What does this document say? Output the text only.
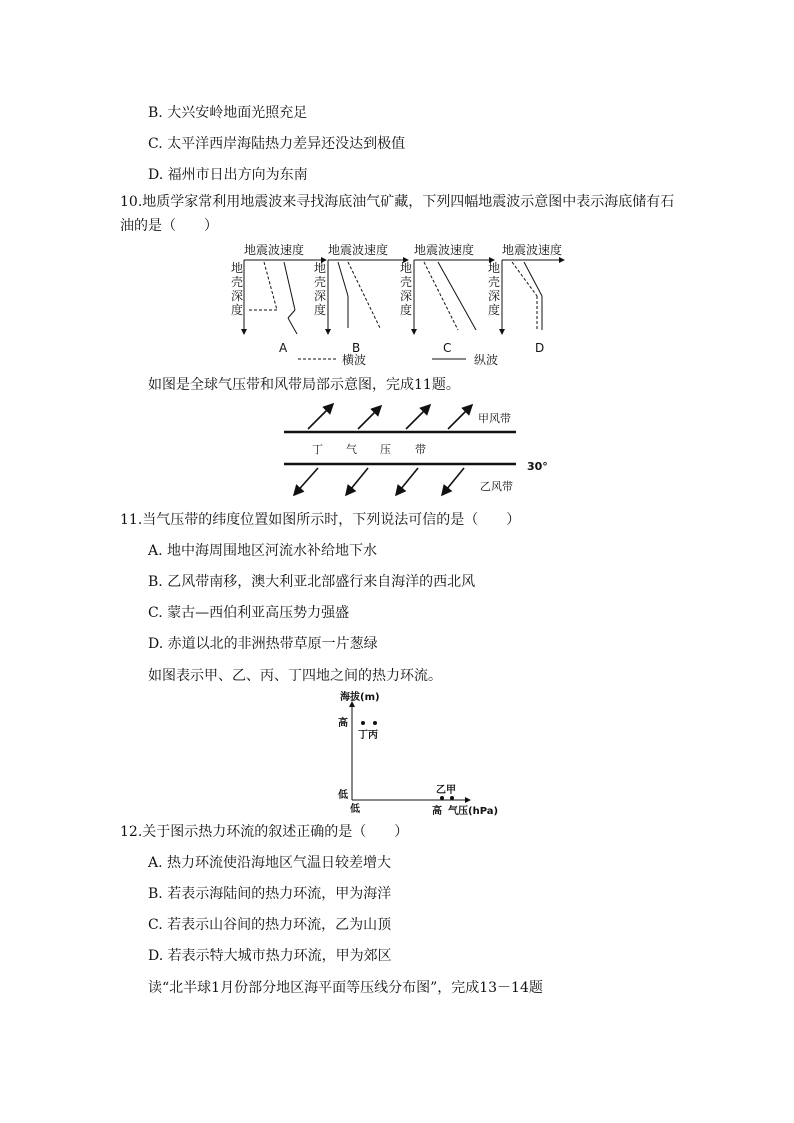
B. 大兴安岭地面光照充足
C. 太平洋西岸海陆热力差异还没达到极值
D. 福州市日出方向为东南
10.地质学家常利用地震波来寻找海底油气矿藏，下列四幅地震波示意图中表示海底储有石油的是（　　）
地震波速度
地
壳
深
度
A
地震波速度
地
壳
深
度
B
地震波速度
地
壳
深
度
C
地震波速度
地
壳
深
度
D
横波	纵波
如图是全球气压带和风带局部示意图，完成11题。
甲风带
丁 气 压 带
30°
乙风带
11.当气压带的纬度位置如图所示时，下列说法可信的是（　　）
A. 地中海周围地区河流水补给地下水
B. 乙风带南移，澳大利亚北部盛行来自海洋的西北风
C. 蒙古—西伯利亚高压势力强盛
D. 赤道以北的非洲热带草原一片葱绿
如图表示甲、乙、丙、丁四地之间的热力环流。
海拔(m)
高
低
低	高 气压(hPa)
丁丙
乙甲
12.关于图示热力环流的叙述正确的是（　　）
A. 热力环流使沿海地区气温日较差增大
B. 若表示海陆间的热力环流，甲为海洋
C. 若表示山谷间的热力环流，乙为山顶
D. 若表示特大城市热力环流，甲为郊区
读“北半球1月份部分地区海平面等压线分布图”，完成13－14题
